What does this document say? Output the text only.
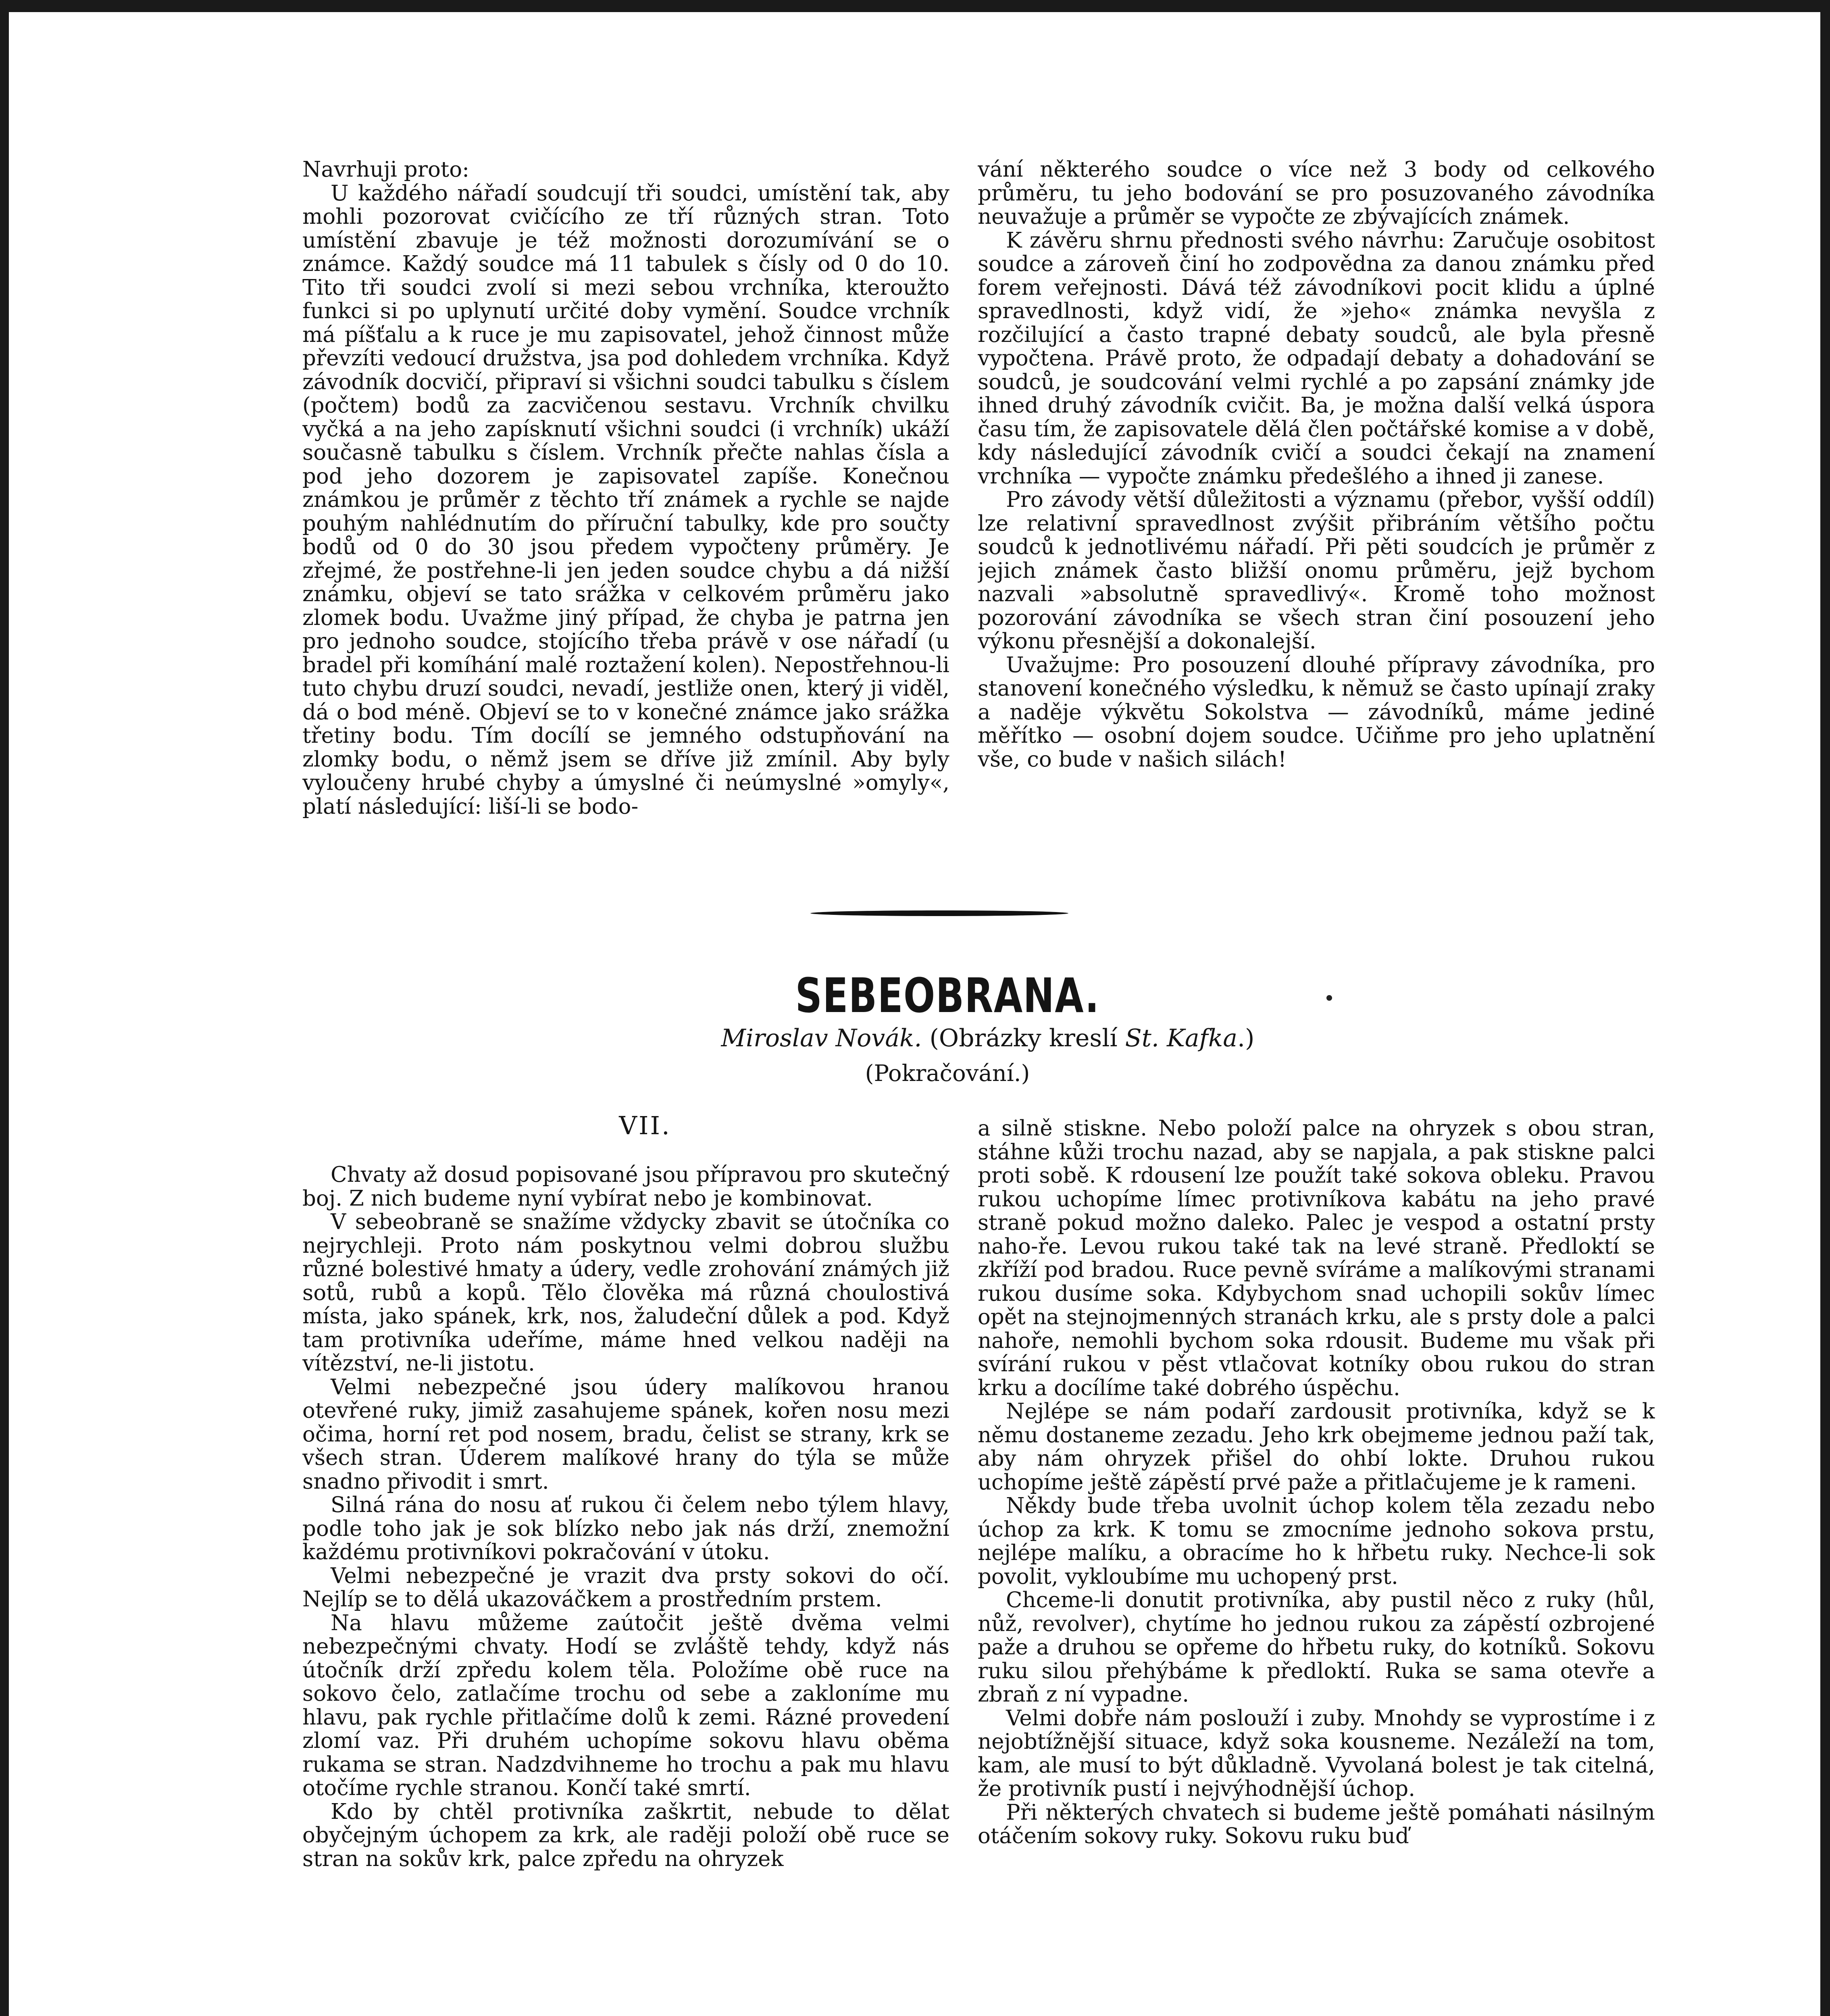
Navrhuji proto:

U každého nářadí soudcují tři soudci, umístění tak, aby mohli pozorovat cvičícího ze tří různých stran. Toto umístění zbavuje je též možnosti dorozumívání se o známce. Každý soudce má 11 tabulek s čísly od 0 do 10. Tito tři soudci zvolí si mezi sebou vrchníka, kteroužto funkci si po uplynutí určité doby vymění. Soudce vrchník má píšťalu a k ruce je mu zapisovatel, jehož činnost může převzíti vedoucí družstva, jsa pod dohledem vrchníka. Když závodník docvičí, připraví si všichni soudci tabulku s číslem (počtem) bodů za zacvičenou sestavu. Vrchník chvilku vyčká a na jeho zapísknutí všichni soudci (i vrchník) ukáží současně tabulku s číslem. Vrchník přečte nahlas čísla a pod jeho dozorem je zapisovatel zapíše. Konečnou známkou je průměr z těchto tří známek a rychle se najde pouhým nahlédnutím do příruční tabulky, kde pro součty bodů od 0 do 30 jsou předem vypočteny průměry. Je zřejmé, že postřehne-li jen jeden soudce chybu a dá nižší známku, objeví se tato srážka v celkovém průměru jako zlomek bodu. Uvažme jiný případ, že chyba je patrna jen pro jednoho soudce, stojícího třeba právě v ose nářadí (u bradel při komíhání malé roztažení kolen). Nepostřehnou-li tuto chybu druzí soudci, nevadí, jestliže onen, který ji viděl, dá o bod méně. Objeví se to v konečné známce jako srážka třetiny bodu. Tím docílí se jemného odstupňování na zlomky bodu, o němž jsem se dříve již zmínil. Aby byly vyloučeny hrubé chyby a úmyslné či neúmyslné »omyly«, platí následující: liší-li se bodo-

vání některého soudce o více než 3 body od celkového průměru, tu jeho bodování se pro posuzovaného závodníka neuvažuje a průměr se vypočte ze zbývajících známek.

K závěru shrnu přednosti svého návrhu: Zaručuje osobitost soudce a zároveň činí ho zodpovědna za danou známku před forem veřejnosti. Dává též závodníkovi pocit klidu a úplné spravedlnosti, když vidí, že »jeho« známka nevyšla z rozčilující a často trapné debaty soudců, ale byla přesně vypočtena. Právě proto, že odpadají debaty a dohadování se soudců, je soudcování velmi rychlé a po zapsání známky jde ihned druhý závodník cvičit. Ba, je možna další velká úspora času tím, že zapisovatele dělá člen počtářské komise a v době, kdy následující závodník cvičí a soudci čekají na znamení vrchníka — vypočte známku předešlého a ihned ji zanese.

Pro závody větší důležitosti a významu (přebor, vyšší oddíl) lze relativní spravedlnost zvýšit přibráním většího počtu soudců k jednotlivému nářadí. Při pěti soudcích je průměr z jejich známek často bližší onomu průměru, jejž bychom nazvali »absolutně spravedlivý«. Kromě toho možnost pozorování závodníka se všech stran činí posouzení jeho výkonu přesnější a dokonalejší.

Uvažujme: Pro posouzení dlouhé přípravy závodníka, pro stanovení konečného výsledku, k němuž se často upínají zraky a naděje výkvětu Sokolstva — závodníků, máme jediné měřítko — osobní dojem soudce. Učiňme pro jeho uplatnění vše, co bude v našich silách!

SEBEOBRANA.
Miroslav Novák. (Obrázky kreslí St. Kafka.)
(Pokračování.)
VII.

Chvaty až dosud popisované jsou přípravou pro skutečný boj. Z nich budeme nyní vybírat nebo je kombinovat.

V sebeobraně se snažíme vždycky zbavit se útočníka co nejrychleji. Proto nám poskytnou velmi dobrou službu různé bolestivé hmaty a údery, vedle zrohování známých již sotů, rubů a kopů. Tělo člověka má různá choulostivá místa, jako spánek, krk, nos, žaludeční důlek a pod. Když tam protivníka udeříme, máme hned velkou naději na vítězství, ne-li jistotu.

Velmi nebezpečné jsou údery malíkovou hranou otevřené ruky, jimiž zasahujeme spánek, kořen nosu mezi očima, horní ret pod nosem, bradu, čelist se strany, krk se všech stran. Úderem malíkové hrany do týla se může snadno přivodit i smrt.

Silná rána do nosu ať rukou či čelem nebo týlem hlavy, podle toho jak je sok blízko nebo jak nás drží, znemožní každému protivníkovi pokračování v útoku.

Velmi nebezpečné je vrazit dva prsty sokovi do očí. Nejlíp se to dělá ukazováčkem a prostředním prstem.

Na hlavu můžeme zaútočit ještě dvěma velmi nebezpečnými chvaty. Hodí se zvláště tehdy, když nás útočník drží zpředu kolem těla. Položíme obě ruce na sokovo čelo, zatlačíme trochu od sebe a zakloníme mu hlavu, pak rychle přitlačíme dolů k zemi. Rázné provedení zlomí vaz. Při druhém uchopíme sokovu hlavu oběma rukama se stran. Nadzdvihneme ho trochu a pak mu hlavu otočíme rychle stranou. Končí také smrtí.

Kdo by chtěl protivníka zaškrtit, nebude to dělat obyčejným úchopem za krk, ale raději položí obě ruce se stran na sokův krk, palce zpředu na ohryzek

a silně stiskne. Nebo položí palce na ohryzek s obou stran, stáhne kůži trochu nazad, aby se napjala, a pak stiskne palci proti sobě. K rdousení lze použít také sokova obleku. Pravou rukou uchopíme límec protivníkova kabátu na jeho pravé straně pokud možno daleko. Palec je vespod a ostatní prsty naho-ře. Levou rukou také tak na levé straně. Předloktí se zkříží pod bradou. Ruce pevně svíráme a malíkovými stranami rukou dusíme soka. Kdybychom snad uchopili sokův límec opět na stejnojmenných stranách krku, ale s prsty dole a palci nahoře, nemohli bychom soka rdousit. Budeme mu však při svírání rukou v pěst vtlačovat kotníky obou rukou do stran krku a docílíme také dobrého úspěchu.

Nejlépe se nám podaří zardousit protivníka, když se k němu dostaneme zezadu. Jeho krk obejmeme jednou paží tak, aby nám ohryzek přišel do ohbí lokte. Druhou rukou uchopíme ještě zápěstí prvé paže a přitlačujeme je k rameni.

Někdy bude třeba uvolnit úchop kolem těla zezadu nebo úchop za krk. K tomu se zmocníme jednoho sokova prstu, nejlépe malíku, a obracíme ho k hřbetu ruky. Nechce-li sok povolit, vykloubíme mu uchopený prst.

Chceme-li donutit protivníka, aby pustil něco z ruky (hůl, nůž, revolver), chytíme ho jednou rukou za zápěstí ozbrojené paže a druhou se opřeme do hřbetu ruky, do kotníků. Sokovu ruku silou přehýbáme k předloktí. Ruka se sama otevře a zbraň z ní vypadne.

Velmi dobře nám poslouží i zuby. Mnohdy se vyprostíme i z nejobtížnější situace, když soka kousneme. Nezáleží na tom, kam, ale musí to být důkladně. Vyvolaná bolest je tak citelná, že protivník pustí i nejvýhodnější úchop.

Při některých chvatech si budeme ještě pomáhati násilným otáčením sokovy ruky. Sokovu ruku buď
